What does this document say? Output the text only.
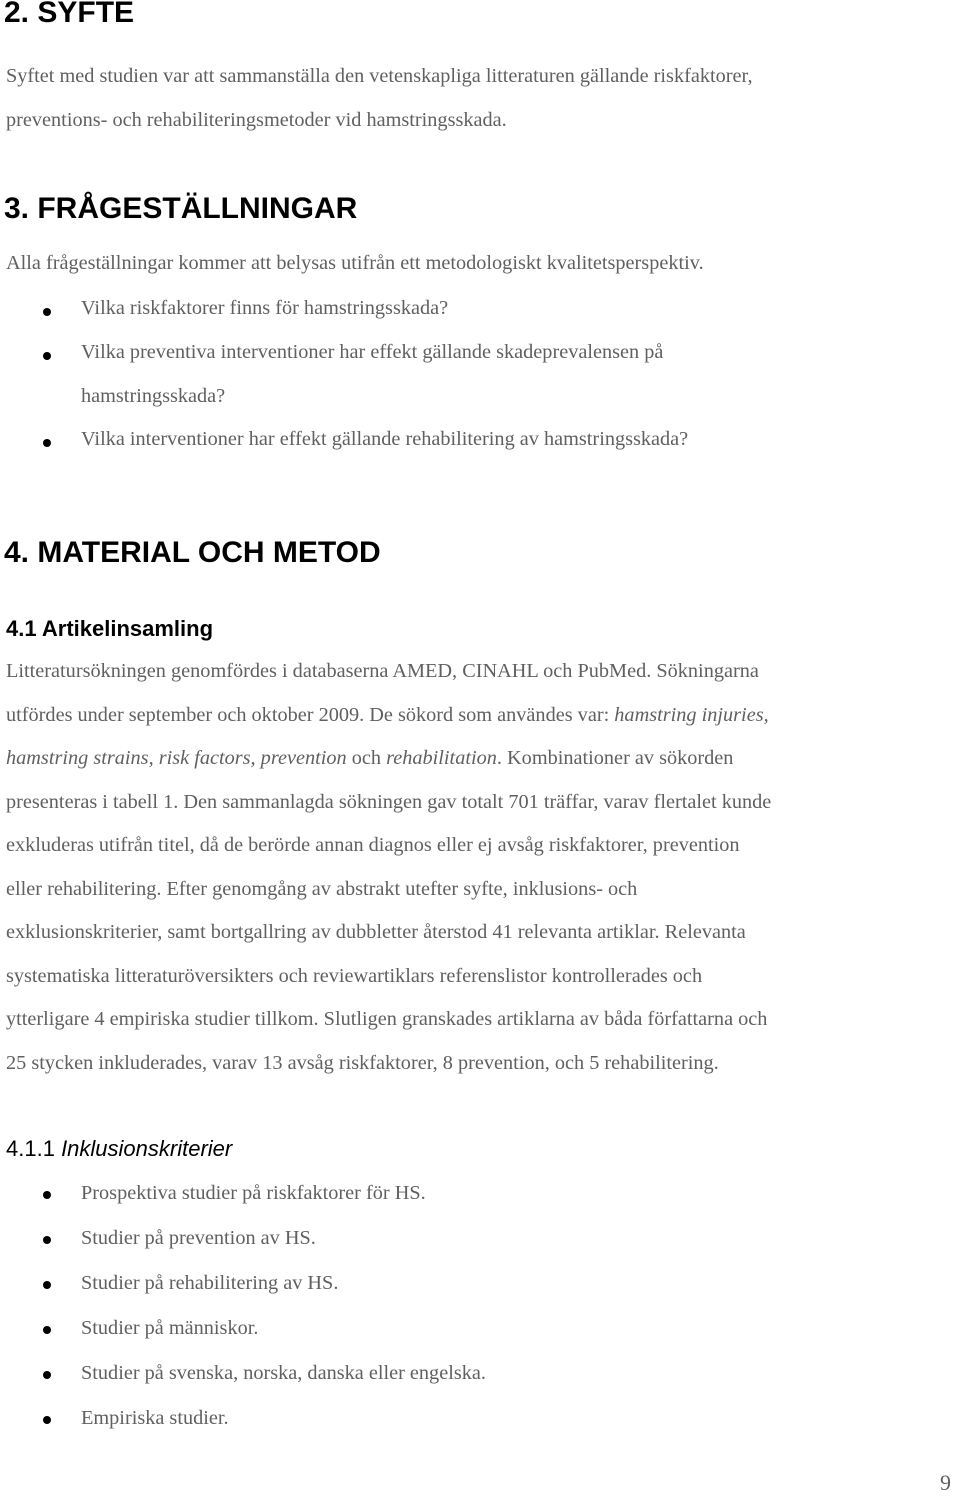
2. SYFTE
Syftet med studien var att sammanställa den vetenskapliga litteraturen gällande riskfaktorer,
preventions- och rehabiliteringsmetoder vid hamstringsskada.
3. FRÅGESTÄLLNINGAR
Alla frågeställningar kommer att belysas utifrån ett metodologiskt kvalitetsperspektiv.
Vilka riskfaktorer finns för hamstringsskada?
Vilka preventiva interventioner har effekt gällande skadeprevalensen på
hamstringsskada?
Vilka interventioner har effekt gällande rehabilitering av hamstringsskada?
4. MATERIAL OCH METOD
4.1 Artikelinsamling
Litteratursökningen genomfördes i databaserna AMED, CINAHL och PubMed. Sökningarna
utfördes under september och oktober 2009. De sökord som användes var: hamstring injuries,
hamstring strains, risk factors, prevention och rehabilitation. Kombinationer av sökorden
presenteras i tabell 1. Den sammanlagda sökningen gav totalt 701 träffar, varav flertalet kunde
exkluderas utifrån titel, då de berörde annan diagnos eller ej avsåg riskfaktorer, prevention
eller rehabilitering. Efter genomgång av abstrakt utefter syfte, inklusions- och
exklusionskriterier, samt bortgallring av dubbletter återstod 41 relevanta artiklar. Relevanta
systematiska litteraturöversikters och reviewartiklars referenslistor kontrollerades och
ytterligare 4 empiriska studier tillkom. Slutligen granskades artiklarna av båda författarna och
25 stycken inkluderades, varav 13 avsåg riskfaktorer, 8 prevention, och 5 rehabilitering.
4.1.1 Inklusionskriterier
Prospektiva studier på riskfaktorer för HS.
Studier på prevention av HS.
Studier på rehabilitering av HS.
Studier på människor.
Studier på svenska, norska, danska eller engelska.
Empiriska studier.
9
